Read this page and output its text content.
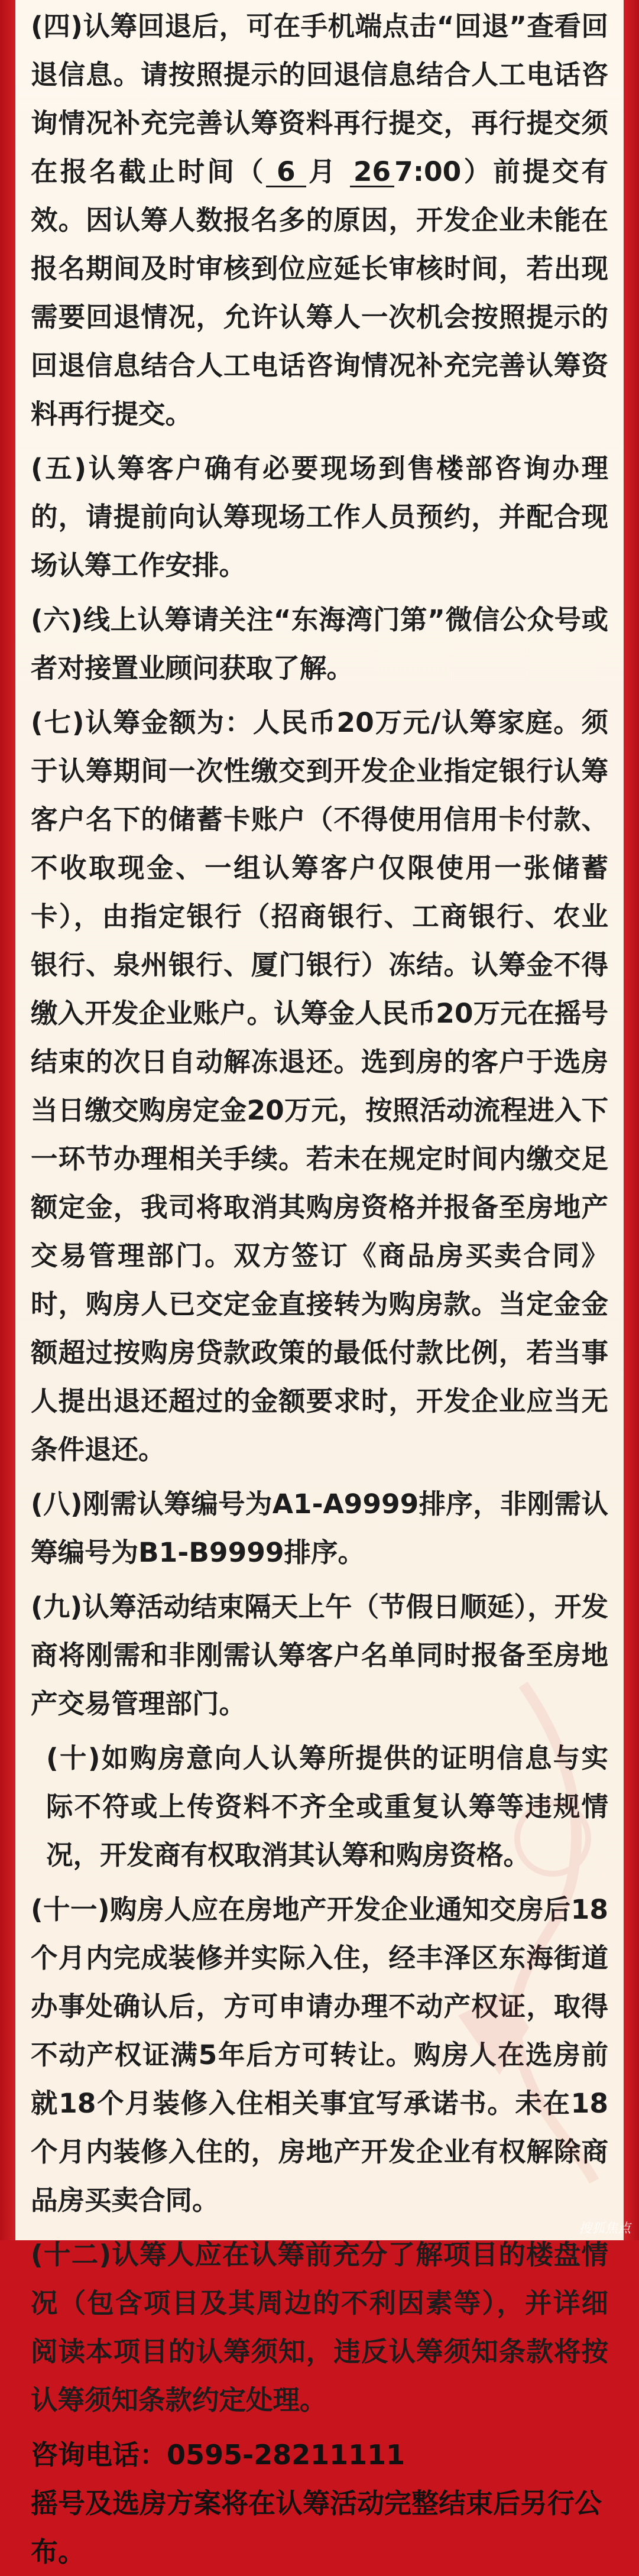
(四)认筹回退后，可在手机端点击“回退”查看回退信息。请按照提示的回退信息结合人工电话咨询情况补充完善认筹资料再行提交，再行提交须在报名截止时间（ 6 月 26 7:00）前提交有效。因认筹人数报名多的原因，开发企业未能在报名期间及时审核到位应延长审核时间，若出现需要回退情况，允许认筹人一次机会按照提示的回退信息结合人工电话咨询情况补充完善认筹资料再行提交。

(五)认筹客户确有必要现场到售楼部咨询办理的，请提前向认筹现场工作人员预约，并配合现场认筹工作安排。

(六)线上认筹请关注“东海湾门第”微信公众号或者对接置业顾问获取了解。

(七)认筹金额为：人民币20万元/认筹家庭。须于认筹期间一次性缴交到开发企业指定银行认筹客户名下的储蓄卡账户（不得使用信用卡付款、不收取现金、一组认筹客户仅限使用一张储蓄卡），由指定银行（招商银行、工商银行、农业银行、泉州银行、厦门银行）冻结。认筹金不得缴入开发企业账户。认筹金人民币20万元在摇号结束的次日自动解冻退还。选到房的客户于选房当日缴交购房定金20万元，按照活动流程进入下一环节办理相关手续。若未在规定时间内缴交足额定金，我司将取消其购房资格并报备至房地产交易管理部门。双方签订《商品房买卖合同》时，购房人已交定金直接转为购房款。当定金金额超过按购房贷款政策的最低付款比例，若当事人提出退还超过的金额要求时，开发企业应当无条件退还。

(八)刚需认筹编号为A1-A9999排序，非刚需认筹编号为B1-B9999排序。

(九)认筹活动结束隔天上午（节假日顺延），开发商将刚需和非刚需认筹客户名单同时报备至房地产交易管理部门。

(十)如购房意向人认筹所提供的证明信息与实际不符或上传资料不齐全或重复认筹等违规情况，开发商有权取消其认筹和购房资格。

(十一)购房人应在房地产开发企业通知交房后18个月内完成装修并实际入住，经丰泽区东海街道办事处确认后，方可申请办理不动产权证，取得不动产权证满5年后方可转让。购房人在选房前就18个月装修入住相关事宜写承诺书。未在18个月内装修入住的，房地产开发企业有权解除商品房买卖合同。

(十二)认筹人应在认筹前充分了解项目的楼盘情况（包含项目及其周边的不利因素等），并详细阅读本项目的认筹须知，违反认筹须知条款将按认筹须知条款约定处理。

咨询电话：0595-28211111

摇号及选房方案将在认筹活动完整结束后另行公布。

搜狐焦点
